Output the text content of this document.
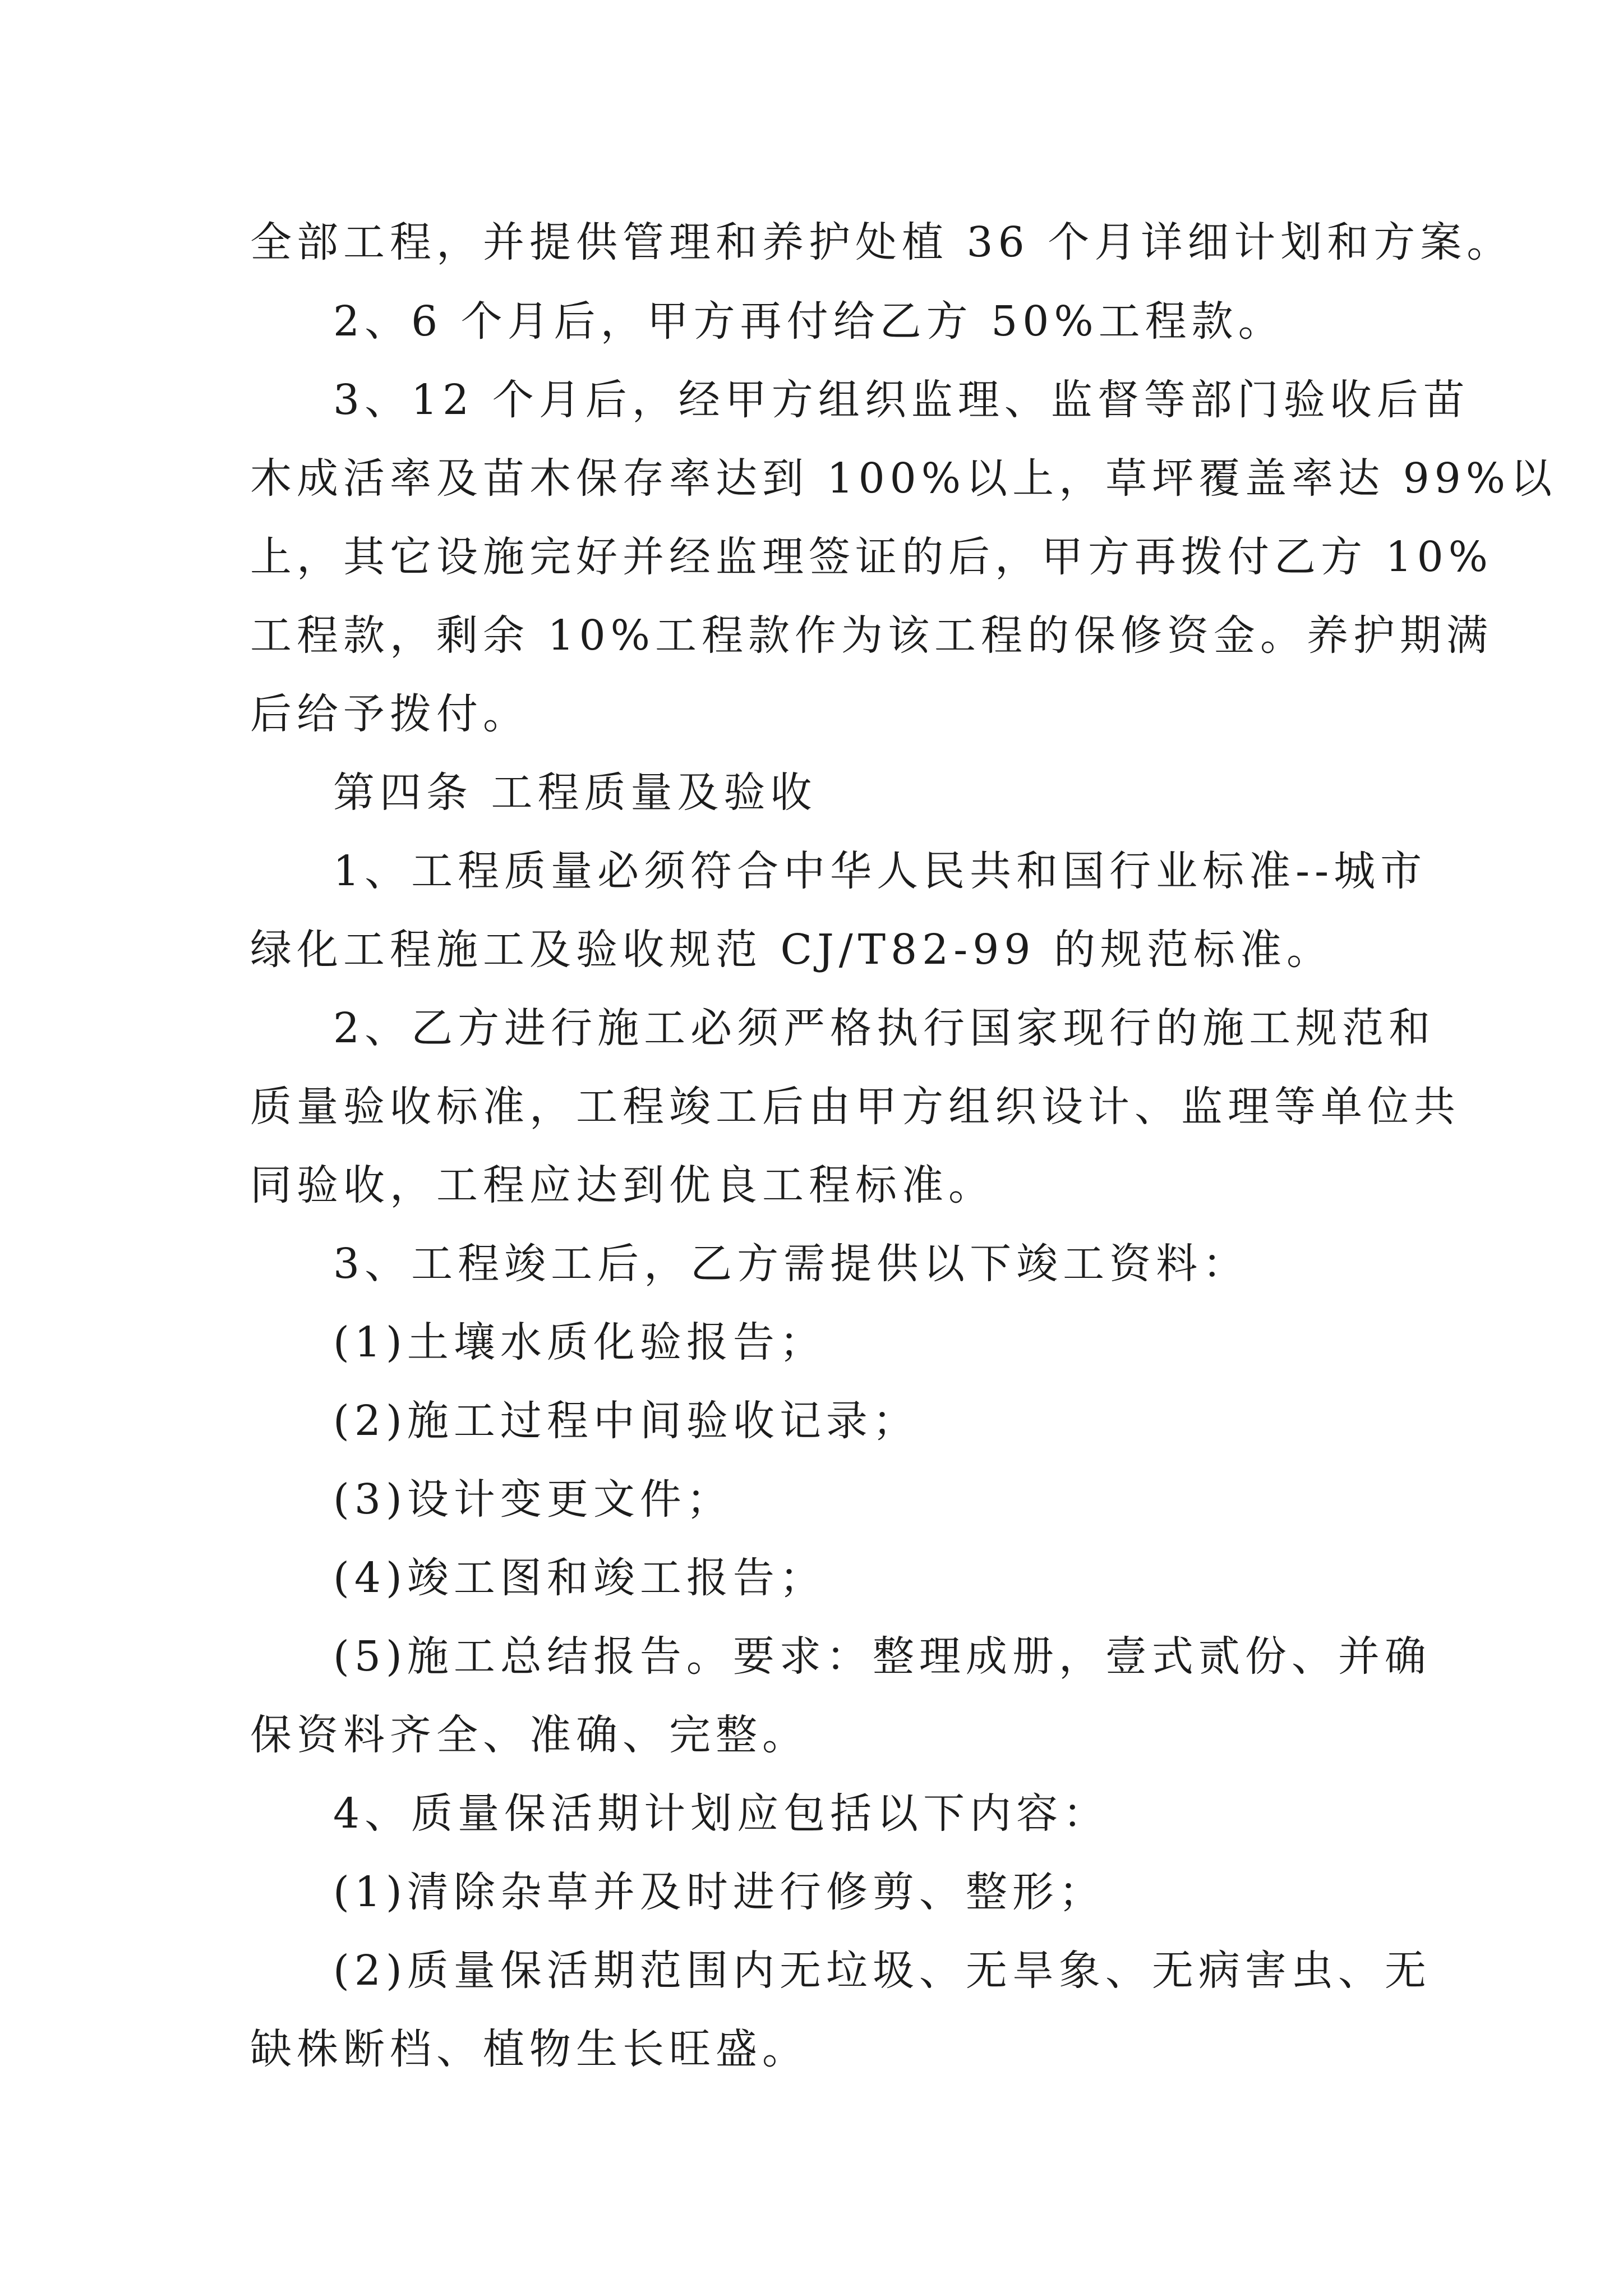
全部工程，并提供管理和养护处植 36 个月详细计划和方案。
2、6 个月后，甲方再付给乙方 50%工程款。
3、12 个月后，经甲方组织监理、监督等部门验收后苗
木成活率及苗木保存率达到 100%以上，草坪覆盖率达 99%以
上，其它设施完好并经监理签证的后，甲方再拨付乙方 10%
工程款，剩余 10%工程款作为该工程的保修资金。养护期满
后给予拨付。
第四条 工程质量及验收
1、工程质量必须符合中华人民共和国行业标准--城市
绿化工程施工及验收规范 CJ/T82-99 的规范标准。
2、乙方进行施工必须严格执行国家现行的施工规范和
质量验收标准，工程竣工后由甲方组织设计、监理等单位共
同验收，工程应达到优良工程标准。
3、工程竣工后，乙方需提供以下竣工资料：
(1)土壤水质化验报告；
(2)施工过程中间验收记录；
(3)设计变更文件；
(4)竣工图和竣工报告；
(5)施工总结报告。要求：整理成册，壹式贰份、并确
保资料齐全、准确、完整。
4、质量保活期计划应包括以下内容：
(1)清除杂草并及时进行修剪、整形；
(2)质量保活期范围内无垃圾、无旱象、无病害虫、无
缺株断档、植物生长旺盛。
